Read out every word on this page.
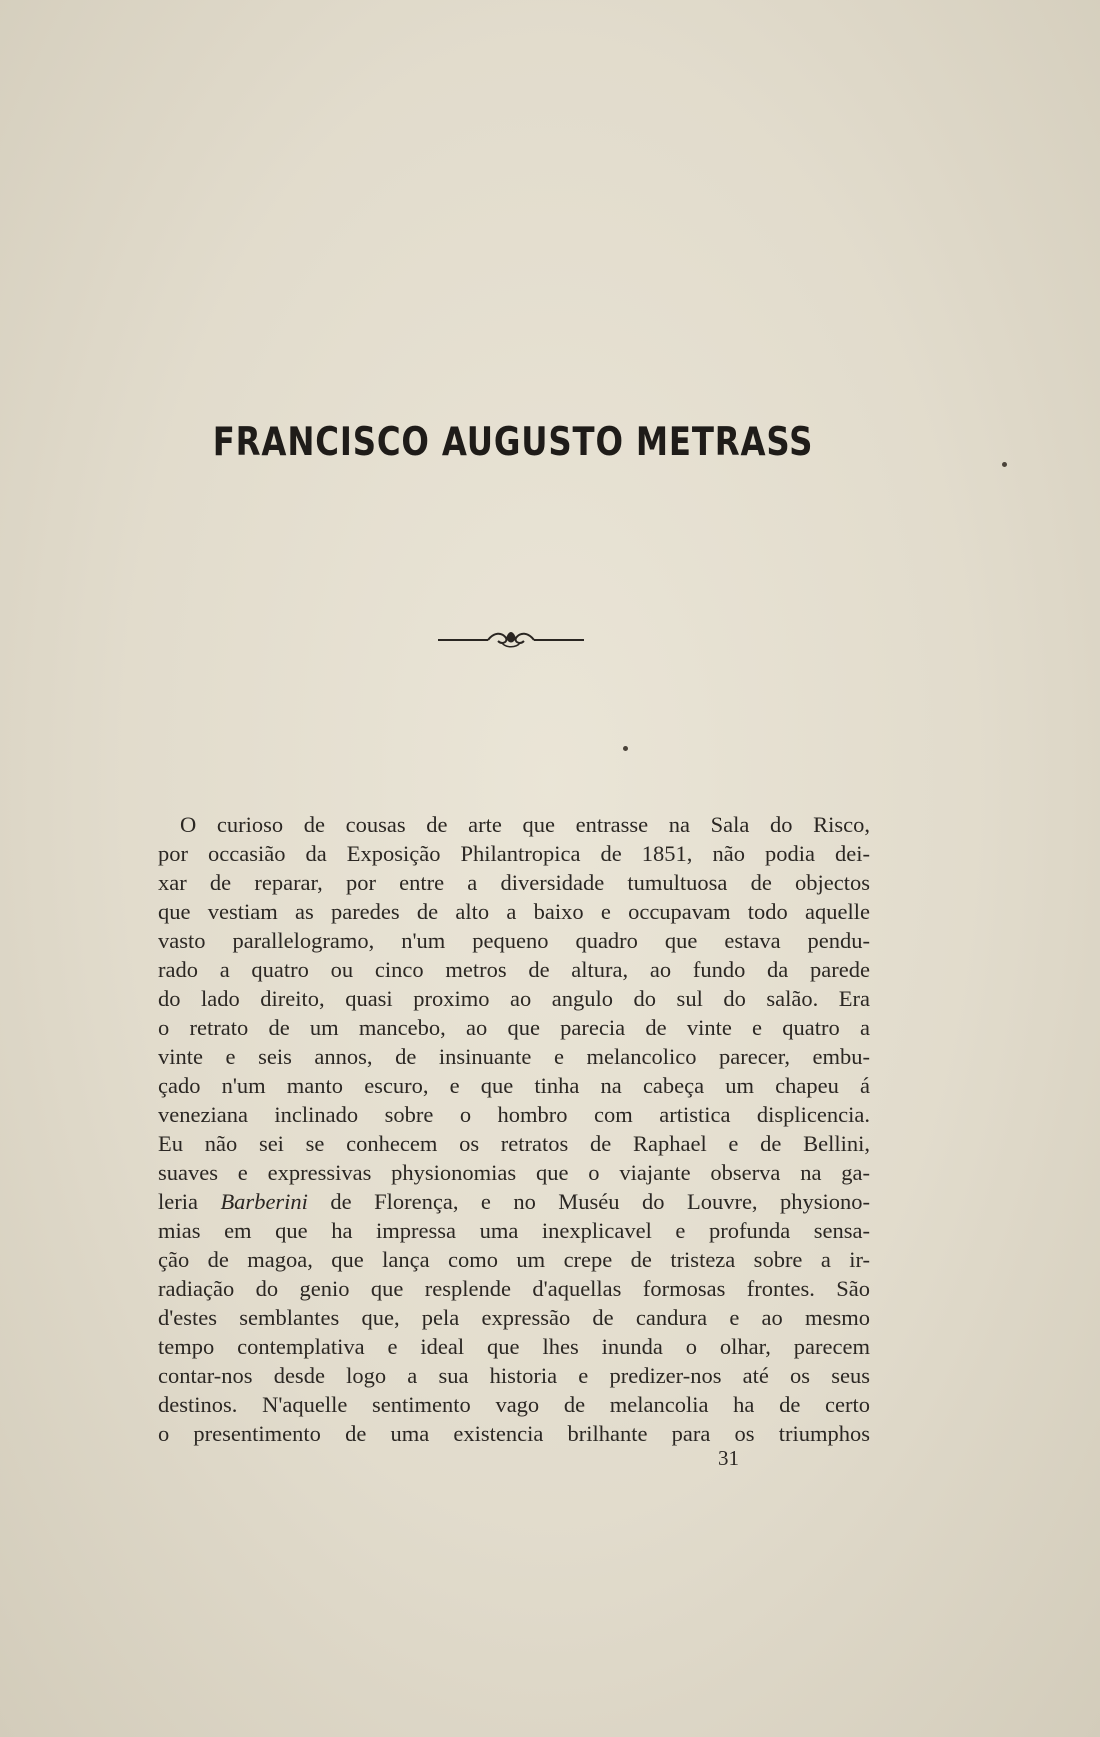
FRANCISCO AUGUSTO METRASS
O curioso de cousas de arte que entrasse na Sala do Risco,
por occasião da Exposição Philantropica de 1851, não podia dei-
xar de reparar, por entre a diversidade tumultuosa de objectos
que vestiam as paredes de alto a baixo e occupavam todo aquelle
vasto parallelogramo, n'um pequeno quadro que estava pendu-
rado a quatro ou cinco metros de altura, ao fundo da parede
do lado direito, quasi proximo ao angulo do sul do salão. Era
o retrato de um mancebo, ao que parecia de vinte e quatro a
vinte e seis annos, de insinuante e melancolico parecer, embu-
çado n'um manto escuro, e que tinha na cabeça um chapeu á
veneziana inclinado sobre o hombro com artistica displicencia.
Eu não sei se conhecem os retratos de Raphael e de Bellini,
suaves e expressivas physionomias que o viajante observa na ga-
leria Barberini de Florença, e no Muséu do Louvre, physiono-
mias em que ha impressa uma inexplicavel e profunda sensa-
ção de magoa, que lança como um crepe de tristeza sobre a ir-
radiação do genio que resplende d'aquellas formosas frontes. São
d'estes semblantes que, pela expressão de candura e ao mesmo
tempo contemplativa e ideal que lhes inunda o olhar, parecem
contar-nos desde logo a sua historia e predizer-nos até os seus
destinos. N'aquelle sentimento vago de melancolia ha de certo
o presentimento de uma existencia brilhante para os triumphos
31
